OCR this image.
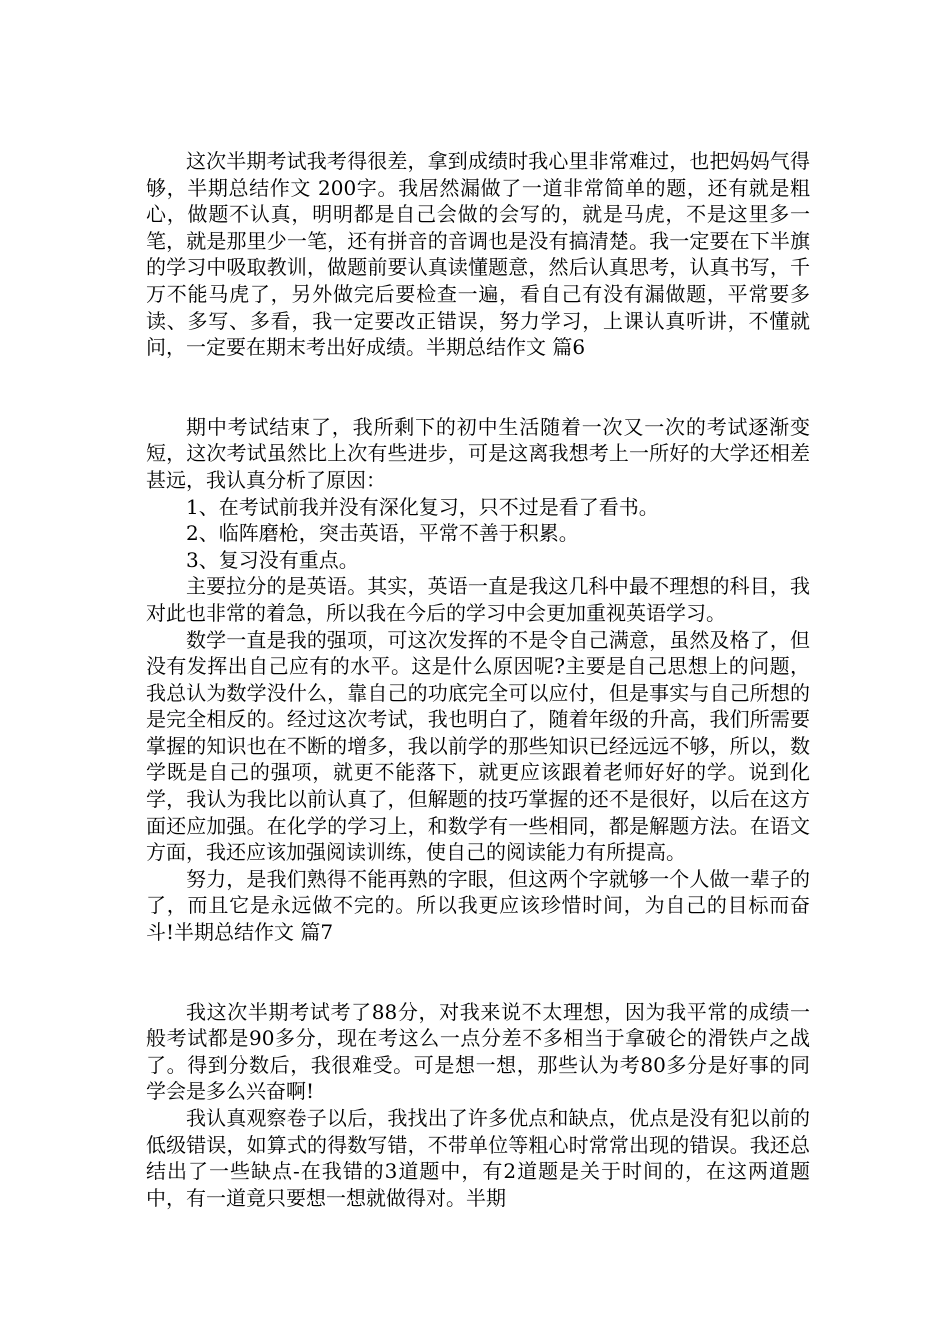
这次半期考试我考得很差，拿到成绩时我心里非常难过，也把妈妈气得够，半期总结作文 200字。我居然漏做了一道非常简单的题，还有就是粗心，做题不认真，明明都是自己会做的会写的，就是马虎，不是这里多一笔，就是那里少一笔，还有拼音的音调也是没有搞清楚。我一定要在下半旗的学习中吸取教训，做题前要认真读懂题意，然后认真思考，认真书写，千万不能马虎了，另外做完后要检查一遍，看自己有没有漏做题，平常要多读、多写、多看，我一定要改正错误，努力学习，上课认真听讲，不懂就问，一定要在期末考出好成绩。半期总结作文 篇6

期中考试结束了，我所剩下的初中生活随着一次又一次的考试逐渐变短，这次考试虽然比上次有些进步，可是这离我想考上一所好的大学还相差甚远，我认真分析了原因：

1、在考试前我并没有深化复习，只不过是看了看书。

2、临阵磨枪，突击英语，平常不善于积累。

3、复习没有重点。

主要拉分的是英语。其实，英语一直是我这几科中最不理想的科目，我对此也非常的着急，所以我在今后的学习中会更加重视英语学习。

数学一直是我的强项，可这次发挥的不是令自己满意，虽然及格了，但没有发挥出自己应有的水平。这是什么原因呢?主要是自己思想上的问题，我总认为数学没什么，靠自己的功底完全可以应付，但是事实与自己所想的是完全相反的。经过这次考试，我也明白了，随着年级的升高，我们所需要掌握的知识也在不断的增多，我以前学的那些知识已经远远不够，所以，数学既是自己的强项，就更不能落下，就更应该跟着老师好好的学。说到化学，我认为我比以前认真了，但解题的技巧掌握的还不是很好，以后在这方面还应加强。在化学的学习上，和数学有一些相同，都是解题方法。在语文方面，我还应该加强阅读训练，使自己的阅读能力有所提高。

努力，是我们熟得不能再熟的字眼，但这两个字就够一个人做一辈子的了，而且它是永远做不完的。所以我更应该珍惜时间，为自己的目标而奋斗!半期总结作文 篇7

我这次半期考试考了88分，对我来说不太理想，因为我平常的成绩一般考试都是90多分，现在考这么一点分差不多相当于拿破仑的滑铁卢之战了。得到分数后，我很难受。可是想一想，那些认为考80多分是好事的同学会是多么兴奋啊!

我认真观察卷子以后，我找出了许多优点和缺点，优点是没有犯以前的低级错误，如算式的得数写错，不带单位等粗心时常常出现的错误。我还总结出了一些缺点-在我错的3道题中，有2道题是关于时间的，在这两道题中，有一道竟只要想一想就做得对。半期
